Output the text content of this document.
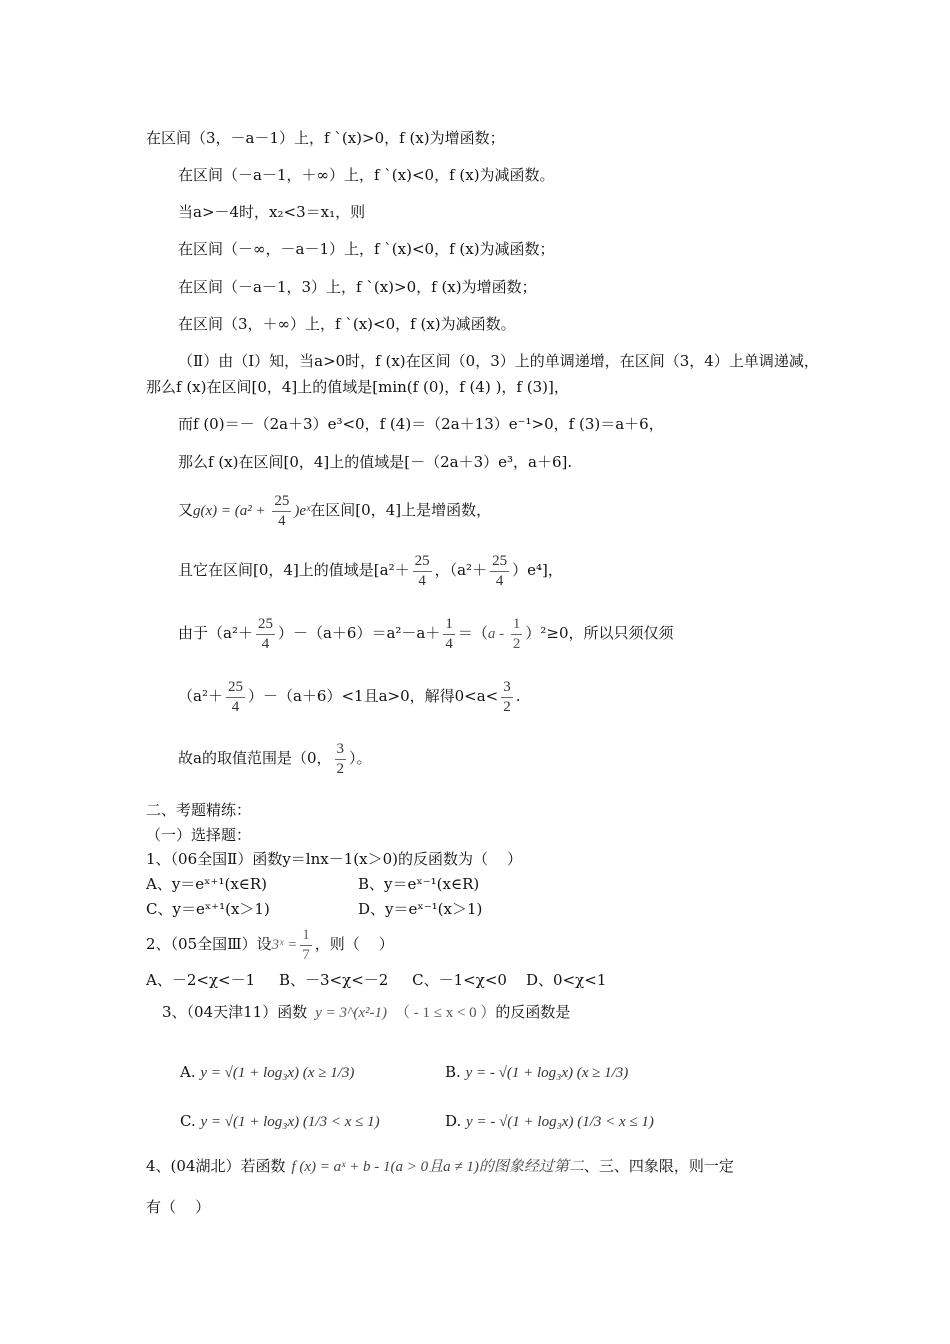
在区间（3，－a－1）上，f `(x)>0，f (x)为增函数；
在区间（－a－1，＋∞）上，f `(x)<0，f (x)为减函数。
当a>－4时，x₂<3＝x₁，则
在区间（－∞，－a－1）上，f `(x)<0，f (x)为减函数；
在区间（－a－1，3）上，f `(x)>0，f (x)为增函数；
在区间（3，＋∞）上，f `(x)<0，f (x)为减函数。
（Ⅱ）由（Ⅰ）知，当a>0时，f (x)在区间（0，3）上的单调递增，在区间（3，4）上单调递减，
那么f (x)在区间[0，4]上的值域是[min(f (0)，f (4) )，f (3)]，
而f (0)＝－（2a＋3）e³<0，f (4)＝（2a＋13）e⁻¹>0，f (3)＝a＋6，
那么f (x)在区间[0，4]上的值域是[－（2a＋3）e³，a＋6].
又$g(x) = (a^2 + \frac{25}{4}$ )eˣ在区间[0，4]上是增函数，
且它在区间[0，4]上的值域是[$a^2+ \frac{25}{4}$ ，$(a^2+ \frac{25}{4} )e^4$]，
由于$(a^2+ \frac{25}{4} )-(a+6)=a^2-a+ \frac{1}{4} =(a - \frac{1}{2} )^2\ge 0$，所以只须仅须
$(a^2+ \frac{25}{4} )-(a+6)<1$且a>0，解得$0<a< \frac{3}{2}$ .
故a的取值范围是（0， $\frac{3}{2}$ ）。
二、考题精练：
（一）选择题：
1、（06全国Ⅱ）函数y＝lnx－1(x＞0)的反函数为（    ）
A、y＝eˣ⁺¹(x∈R)	B、y＝eˣ⁻¹(x∈R)
C、y＝eˣ⁺¹(x＞1)	D、y＝eˣ⁻¹(x＞1)
2、（05全国Ⅲ）设3ˣ = $\frac{1}{7}$ ，则（    ）
A、－2<χ<－1     B、－3<χ<－2     C、－1<χ<0    D、0<χ<1
3、（04天津11）函数 y = 3^(x²-1) （ - 1 ≤ x < 0 ）的反函数是
A. y = √(1 + log₃x) (x ≥ 1/3)	B. y = - √(1 + log₃x) (x ≥ 1/3)
C. y = √(1 + log₃x) (1/3 < x ≤ 1)	D. y = - √(1 + log₃x) (1/3 < x ≤ 1)
4、(04湖北）若函数 f (x) = aˣ + b - 1(a > 0且a ≠ 1)的图象经过第二、三、四象限，则一定
有（    ）
